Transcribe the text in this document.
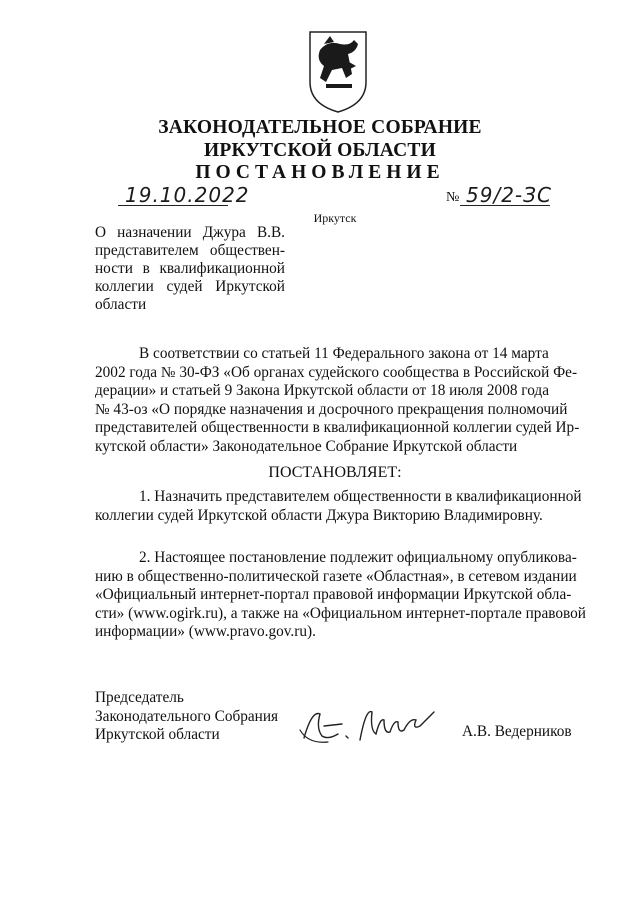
ЗАКОНОДАТЕЛЬНОЕ СОБРАНИЕ
ИРКУТСКОЙ ОБЛАСТИ
ПОСТАНОВЛЕНИЕ
19.10.2022	№ 59/2-ЗС
Иркутск
О назначении Джура В.В.
представителем обществен-
ности в квалификационной
коллегии судей Иркутской
области
В соответствии со статьей 11 Федерального закона от 14 марта
2002 года № 30-ФЗ «Об органах судейского сообщества в Российской Фе-
дерации» и статьей 9 Закона Иркутской области от 18 июля 2008 года
№ 43-оз «О порядке назначения и досрочного прекращения полномочий
представителей общественности в квалификационной коллегии судей Ир-
кутской области» Законодательное Собрание Иркутской области
ПОСТАНОВЛЯЕТ:
1. Назначить представителем общественности в квалификационной
коллегии судей Иркутской области Джура Викторию Владимировну.
2. Настоящее постановление подлежит официальному опубликова-
нию в общественно-политической газете «Областная», в сетевом издании
«Официальный интернет-портал правовой информации Иркутской обла-
сти» (www.ogirk.ru), а также на «Официальном интернет-портале правовой
информации» (www.pravo.gov.ru).
Председатель
Законодательного Собрания
Иркутской области	А.В. Ведерников
